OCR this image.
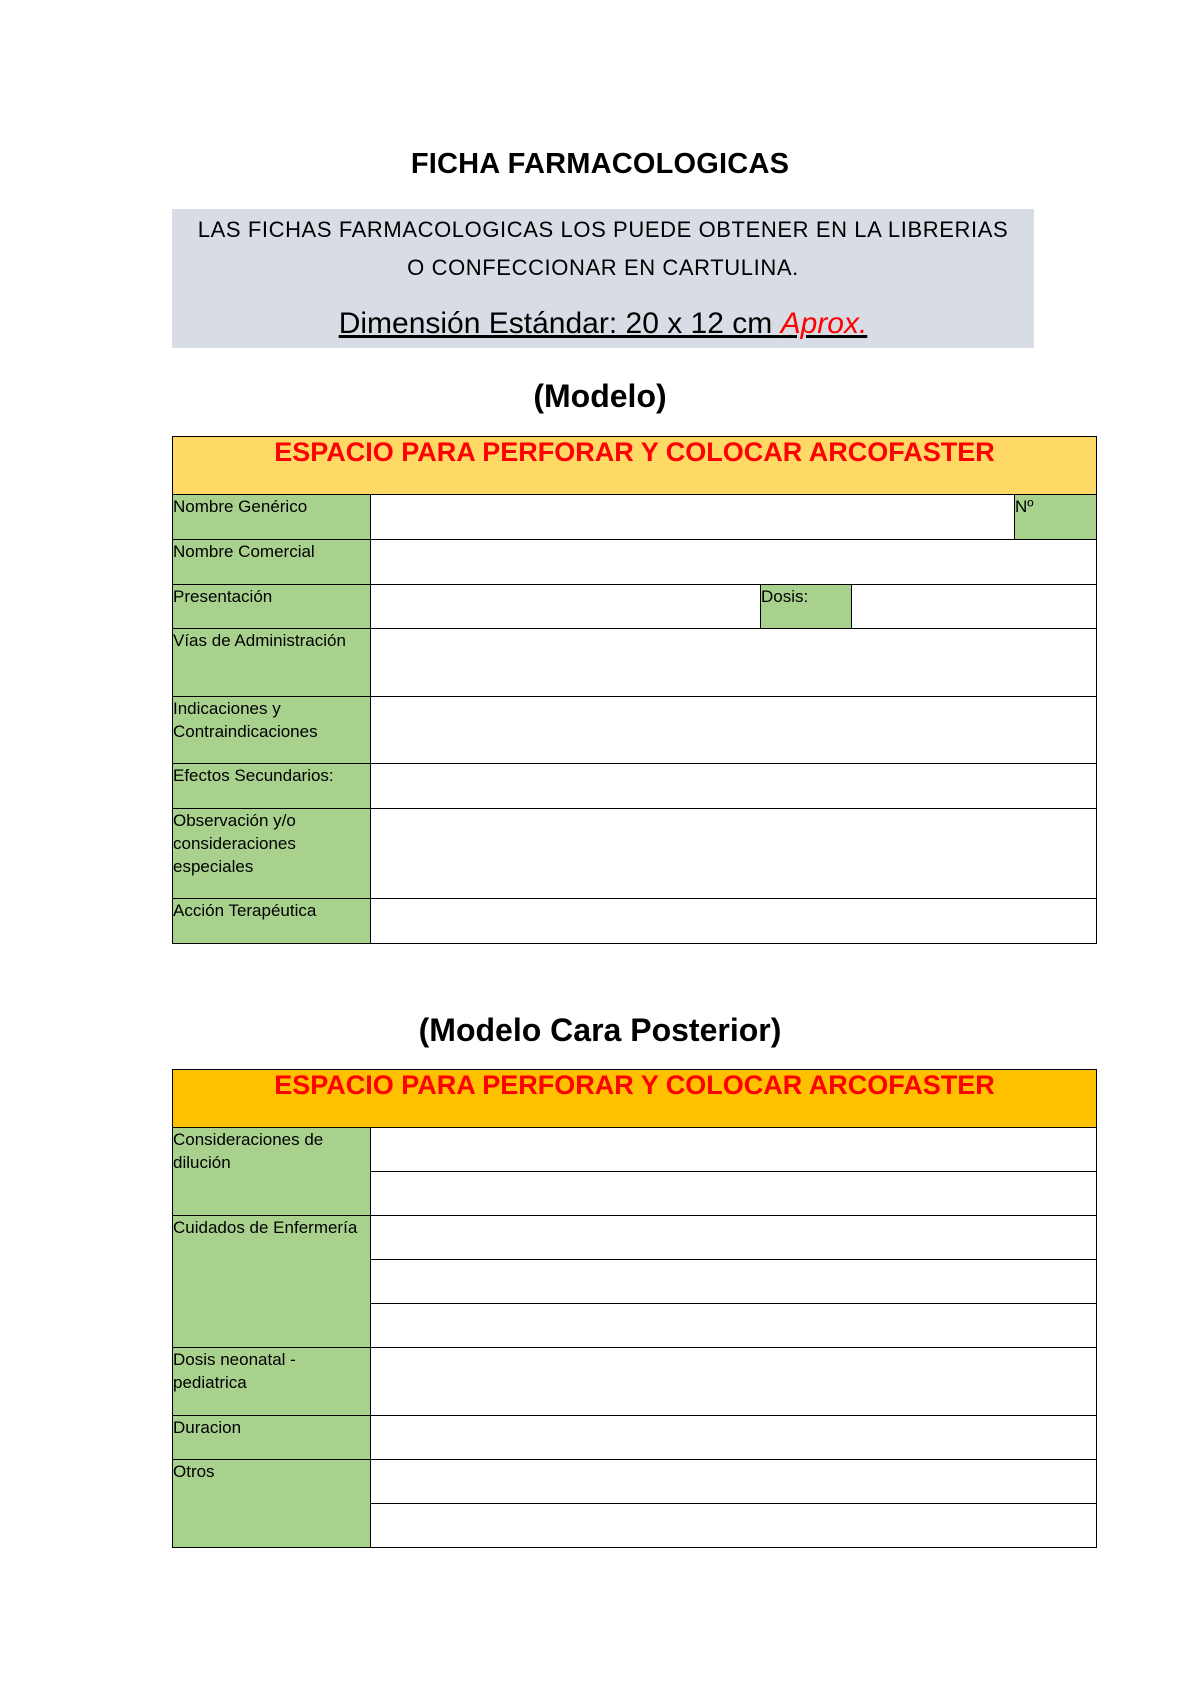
FICHA FARMACOLOGICAS
LAS FICHAS FARMACOLOGICAS LOS PUEDE OBTENER EN LA LIBRERIAS
O CONFECCIONAR EN CARTULINA.
Dimensión Estándar: 20 x 12 cm Aprox.
(Modelo)
ESPACIO PARA PERFORAR Y COLOCAR ARCOFASTER				
Nombre Genérico				Nº
Nombre Comercial				
Presentación		Dosis:		
Vías de Administración				
Indicaciones y Contraindicaciones				
Efectos Secundarios:				
Observación y/o consideraciones especiales				
Acción Terapéutica				
(Modelo Cara Posterior)
ESPACIO PARA PERFORAR Y COLOCAR ARCOFASTER	
Consideraciones de dilución	

Cuidados de Enfermería	

Dosis neonatal - pediatrica	
Duracion	
Otros	
